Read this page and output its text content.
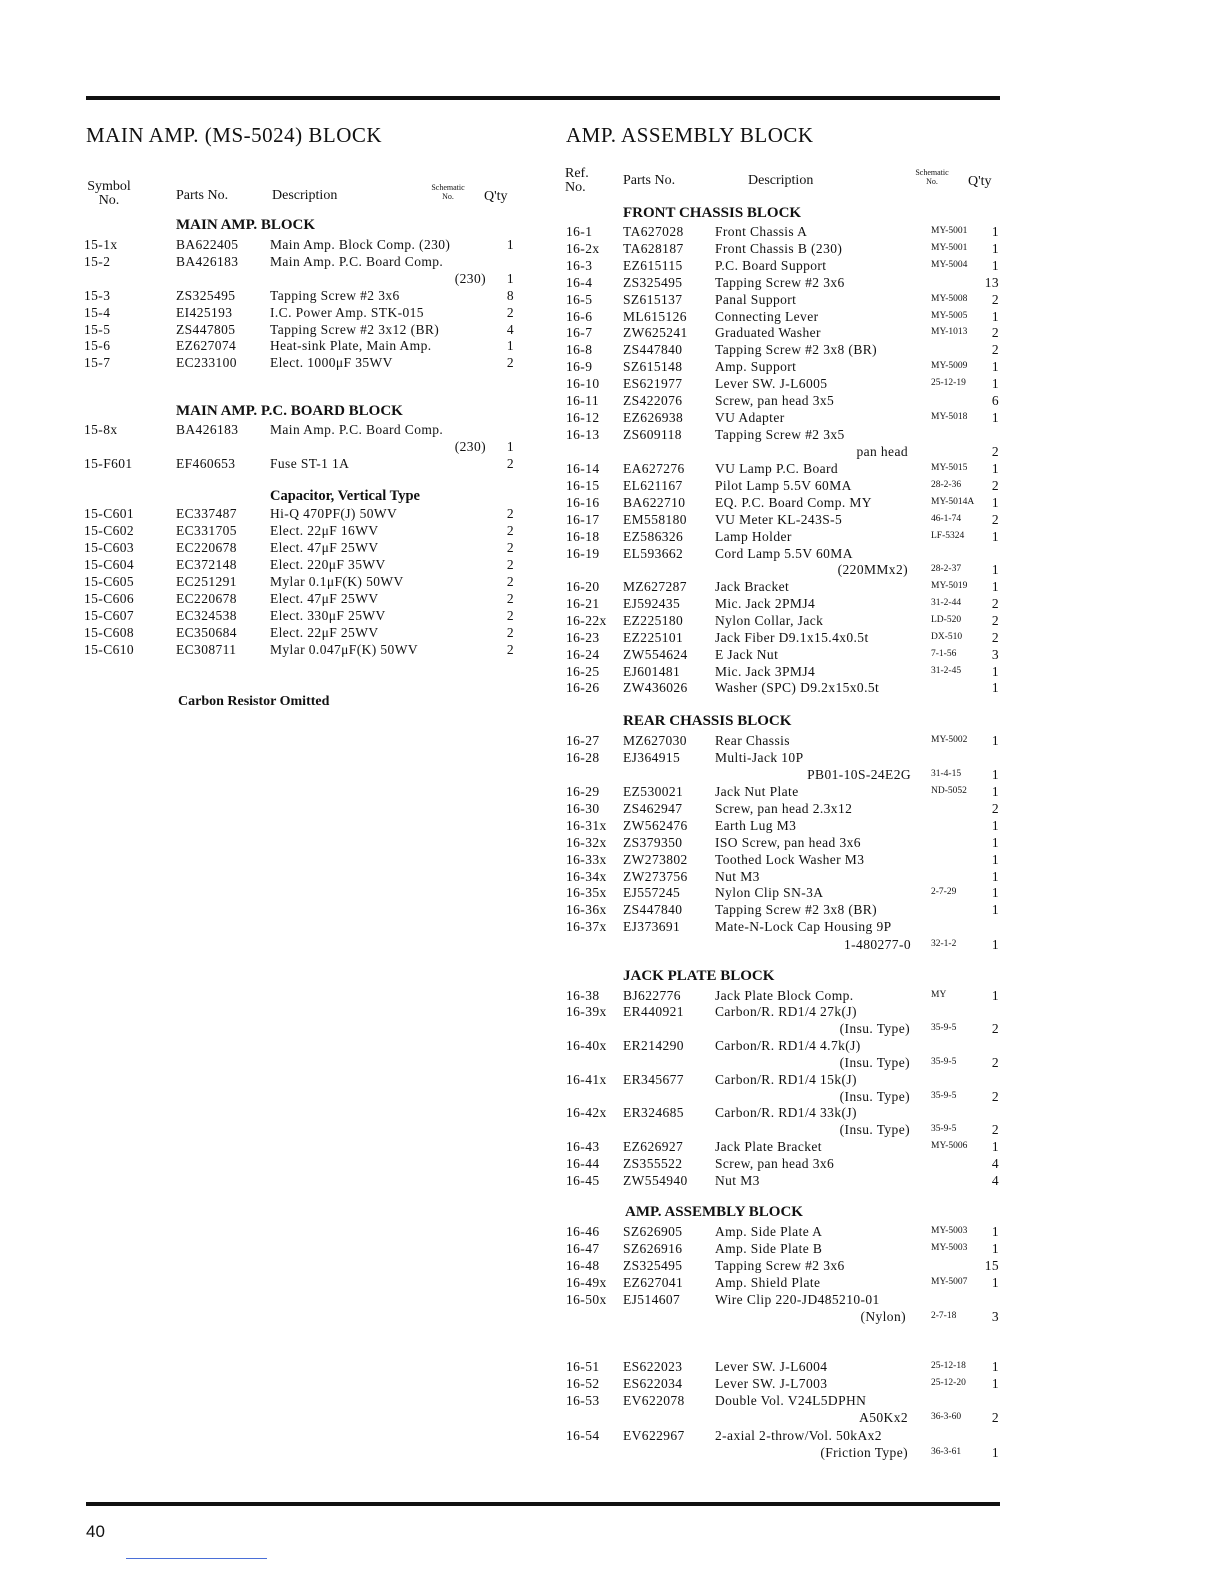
MAIN AMP. (MS-5024) BLOCK
Symbol
No.	Parts No.	Description
Schematic
No.	Q'ty
MAIN AMP. BLOCK
15-1x	BA622405 Main Amp. Block Comp. (230)	1
15-2	BA426183 Main Amp. P.C. Board Comp.
(230) 1
15-3	ZS325495	Tapping Screw #2 3x6	8
15-4	EI425193	I.C. Power Amp. STK-015	2
15-5	ZS447805	Tapping Screw #2 3x12 (BR)	4
15-6	EZ627074	Heat-sink Plate, Main Amp.	1
15-7	EC233100 Elect. 1000μF 35WV	2
MAIN AMP. P.C. BOARD BLOCK
15-8x	BA426183 Main Amp. P.C. Board Comp.
(230) 1
15-F601	EF460653	Fuse ST-1 1A	2
Capacitor, Vertical Type
15-C601	EC337487 Hi-Q 470PF(J) 50WV	2
15-C602	EC331705 Elect. 22μF 16WV	2
15-C603	EC220678 Elect. 47μF 25WV	2
15-C604	EC372148 Elect. 220μF 35WV	2
15-C605	EC251291 Mylar 0.1μF(K) 50WV	2
15-C606	EC220678 Elect. 47μF 25WV	2
15-C607	EC324538 Elect. 330μF 25WV	2
15-C608	EC350684 Elect. 22μF 25WV	2
15-C610	EC308711 Mylar 0.047μF(K) 50WV	2
Carbon Resistor Omitted
AMP. ASSEMBLY BLOCK
Ref.
No.	Parts No.	Description
Schematic
No.	Q'ty
FRONT CHASSIS BLOCK
REAR CHASSIS BLOCK
JACK PLATE BLOCK
AMP. ASSEMBLY BLOCK
16-1 TA627028 Front Chassis A	MY-5001 1
16-2x TA628187 Front Chassis B (230)	MY-5001 1
16-3 EZ615115 P.C. Board Support	MY-5004 1
16-4 ZS325495 Tapping Screw #2 3x6	13
16-5 SZ615137 Panal Support	MY-5008 2
16-6 ML615126 Connecting Lever	MY-5005 1
16-7 ZW625241 Graduated Washer	MY-1013 2
16-8 ZS447840 Tapping Screw #2 3x8 (BR)	2
16-9 SZ615148 Amp. Support	MY-5009 1
16-10 ES621977 Lever SW. J-L6005	25-12-19 1
16-11 ZS422076 Screw, pan head 3x5	6
16-12 EZ626938 VU Adapter	MY-5018 1
16-13 ZS609118 Tapping Screw #2 3x5
pan head	2
16-14 EA627276 VU Lamp P.C. Board	MY-5015 1
16-15 EL621167 Pilot Lamp 5.5V 60MA	28-2-36 2
16-16 BA622710 EQ. P.C. Board Comp. MY	MY-5014A 1
16-17 EM558180 VU Meter KL-243S-5	46-1-74 2
16-18 EZ586326 Lamp Holder	LF-5324 1
16-19 EL593662 Cord Lamp 5.5V 60MA
(220MMx2) 28-2-37 1
16-20 MZ627287 Jack Bracket	MY-5019 1
16-21 EJ592435	Mic. Jack 2PMJ4	31-2-44 2
16-22x EZ225180 Nylon Collar, Jack	LD-520 2
16-23 EZ225101 Jack Fiber D9.1x15.4x0.5t	DX-510 2
16-24 ZW554624 E Jack Nut	7-1-56	3
16-25 EJ601481	Mic. Jack 3PMJ4	31-2-45 1
16-26 ZW436026 Washer (SPC) D9.2x15x0.5t	1
16-27 MZ627030 Rear Chassis	MY-5002 1
16-28 EJ364915	Multi-Jack 10P
PB01-10S-24E2G 31-4-15 1
16-29 EZ530021 Jack Nut Plate	ND-5052 1
16-30 ZS462947 Screw, pan head 2.3x12	2
16-31x ZW562476 Earth Lug M3	1
16-32x ZS379350 ISO Screw, pan head 3x6	1
16-33x ZW273802 Toothed Lock Washer M3	1
16-34x ZW273756 Nut M3	1
16-35x EJ557245	Nylon Clip SN-3A	2-7-29	1
16-36x ZS447840 Tapping Screw #2 3x8 (BR)	1
16-37x EJ373691	Mate-N-Lock Cap Housing 9P
1-480277-0 32-1-2	1
16-38 BJ622776	Jack Plate Block Comp.	MY	1
16-39x ER440921 Carbon/R. RD1/4 27k(J)
(Insu. Type) 35-9-5	2
16-40x ER214290 Carbon/R. RD1/4 4.7k(J)
(Insu. Type) 35-9-5	2
16-41x ER345677 Carbon/R. RD1/4 15k(J)
(Insu. Type) 35-9-5	2
16-42x ER324685 Carbon/R. RD1/4 33k(J)
(Insu. Type) 35-9-5	2
16-43 EZ626927 Jack Plate Bracket	MY-5006 1
16-44 ZS355522 Screw, pan head 3x6	4
16-45 ZW554940 Nut M3	4
16-46 SZ626905 Amp. Side Plate A	MY-5003 1
16-47 SZ626916 Amp. Side Plate B	MY-5003 1
16-48 ZS325495 Tapping Screw #2 3x6	15
16-49x EZ627041 Amp. Shield Plate	MY-5007 1
16-50x EJ514607	Wire Clip 220-JD485210-01
(Nylon)	2-7-18	3
16-51 ES622023 Lever SW. J-L6004	25-12-18 1
16-52 ES622034 Lever SW. J-L7003	25-12-20 1
16-53 EV622078 Double Vol. V24L5DPHN
A50Kx2 36-3-60 2
16-54 EV622967 2-axial 2-throw/Vol. 50kAx2
(Friction Type) 36-3-61 1
40
